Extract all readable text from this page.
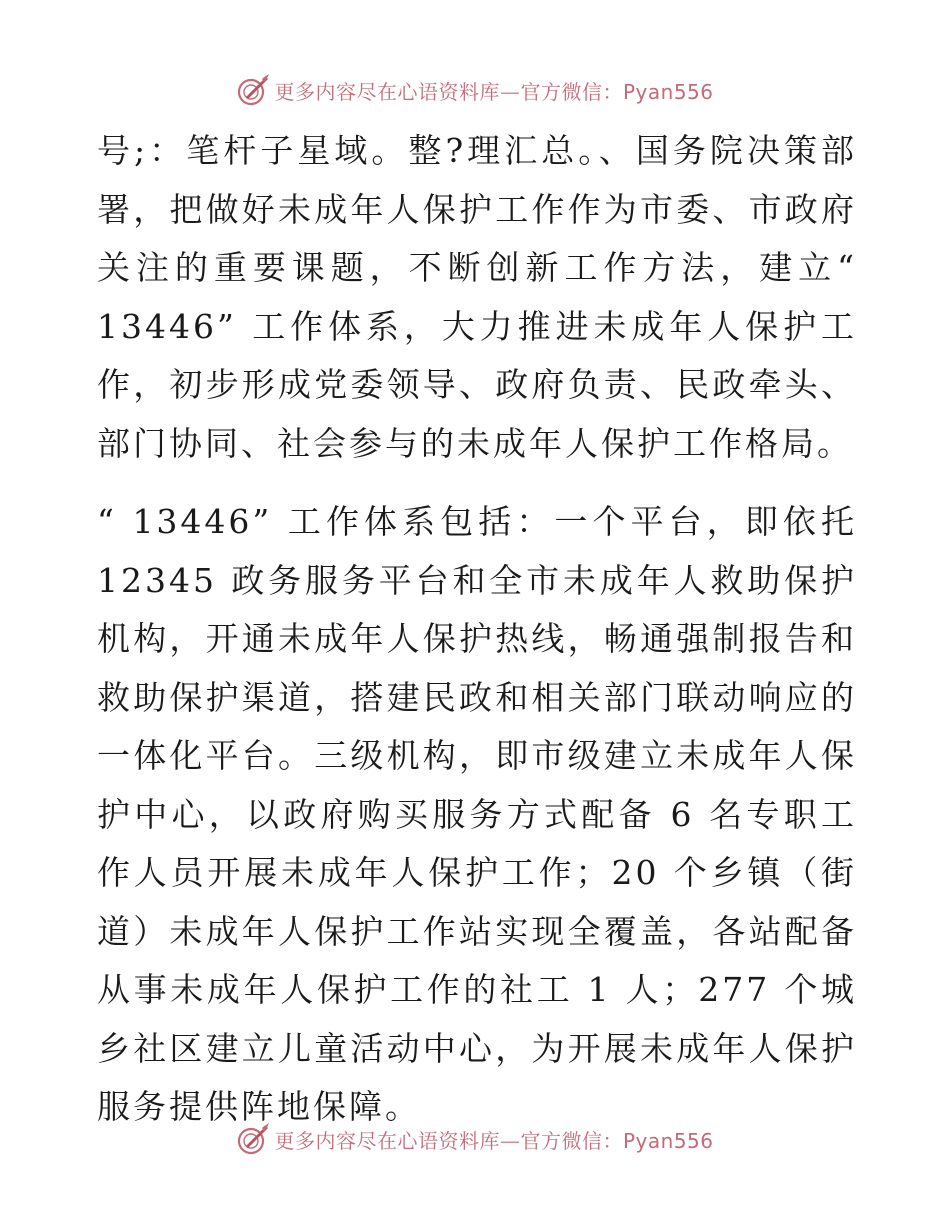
更多内容尽在心语资料库—官方微信：Pyan556

号;：笔杆子星域。整?理汇总。、国务院决策部署，把做好未成年人保护工作作为市委、市政府关注的重要课题，不断创新工作方法，建立“ 13446” 工作体系，大力推进未成年人保护工作，初步形成党委领导、政府负责、民政牵头、部门协同、社会参与的未成年人保护工作格局。

“ 13446” 工作体系包括：一个平台，即依托 12345 政务服务平台和全市未成年人救助保护机构，开通未成年人保护热线，畅通强制报告和救助保护渠道，搭建民政和相关部门联动响应的一体化平台。三级机构，即市级建立未成年人保护中心，以政府购买服务方式配备 6 名专职工作人员开展未成年人保护工作；20 个乡镇（街道）未成年人保护工作站实现全覆盖，各站配备从事未成年人保护工作的社工 1 人；277 个城乡社区建立儿童活动中心，为开展未成年人保护服务提供阵地保障。

更多内容尽在心语资料库—官方微信：Pyan556
